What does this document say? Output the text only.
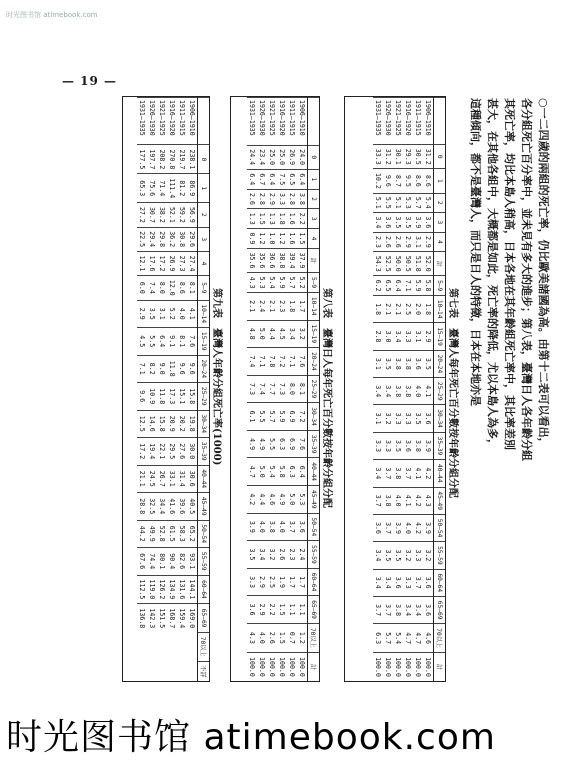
时光图书馆 atimebook.com
— 19 —
○一二四歲的兩組的死亡率，仍比歐美諸國為高。由第十二表可以看出，
各分組死亡百分率中，並未見有多大的進步；第八表，臺灣日人各年齡分組
其死亡率，均比本島人稍高，日本各地在其年齡組死亡率中，其比率差別
甚大，在其他各組中，大概都是如此，死亡率的降低，尤以本島人為多，
這種傾向，都不是臺灣人，而只是日人的特徵，日本在本地亦是
第七表　臺灣人每年死亡百分數按年齡分組分配
	0	1	2	3	4	計	5—9	10—14	15—19	20—24	25—29	30—34	35—39	40—44	45—49	50—54	55—59	60—64	65—69	70以上	計
1906—1910	31.2	8.6	5.4	3.6	2.9	52.0	5.8	1.8	2.9	3.5	4.1	3.6	3.9	4.2	4.3	3.9	3.2	3.6	3.6	4.6	100.0
1911—1915	30.5	8.6	5.7	3.9	3.1	51.8	5.9	2.0	3.1	3.6	4.0	3.5	3.8	4.1	4.2	4.2	3.3	3.7	3.4	4.7	100.0
1916—1920	29.3	9.5	5.3	3.5	2.9	50.5	7.1	2.5	3.3	3.8	3.8	3.3	3.6	3.7	4.1	4.0	3.2	3.3	3.4	4.7	100.0
1921—1925	30.1	8.7	5.1	3.5	2.6	50.0	6.4	2.1	3.4	3.8	3.8	3.3	3.5	3.8	4.0	3.9	3.5	3.6	3.8	5.4	100.0
1926—1930	31.2	9.6	5.5	3.6	2.6	52.5	6.5	2.1	3.0	3.5	3.4	3.2	3.3	3.7	3.8	3.7	3.5	3.4	3.7	5.7	100.0
1931—1935	33.3	10.2	5.1	3.4	2.3	54.3	6.2	1.8	2.8	3.1	3.4	3.1	3.3	3.4	3.7	3.6	3.4	3.4	3.7	6.3	100.0
第八表　臺灣日人每年死亡百分數按年齡分組分配
	0	1	2	3	4	計	5—9	10—14	15—19	20—24	25—29	30—34	35—39	40—44	45—49	50—54	55—59	60—64	65—69	70以上	計
1906—1910	24.0	6.4	3.8	2.2	1.5	37.9	5.2	1.7	3.2	7.6	8.1	7.2	7.6	6.4	5.3	3.6	2.4	1.7	1.1	1.2	100.0
1911—1915	26.9	6.5	2.8	1.6	1.6	39.4	5.7	1.8	3.4	7.1	8.0	6.9	6.9	6.3	5.0	3.7	2.3	1.7	1.1	0.7	100.0
1916—1920	25.0	7.5	3.3	1.8	1.2	38.8	5.9	2.3	4.5	7.2	7.3	5.9	6.3	5.8	4.9	4.0	2.6	1.9	1.5	1.5	100.0
1921—1925	25.0	6.4	2.9	1.3	1.0	36.6	5.4	2.1	4.4	7.8	7.7	5.7	5.5	5.4	4.6	3.8	3.2	2.5	2.2	2.6	100.0
1926—1930	23.4	6.7	2.8	1.5	1.2	35.6	5.3	2.4	5.0	7.1	7.4	5.5	4.9	5.0	4.4	4.0	3.4	2.9	2.9	4.0	100.0
1931—1935	24.4	6.4	2.6	1.3	0.9	35.6	4.3	2.1	4.8	7.4	7.3	6.1	4.9	4.7	4.2	3.9	3.5	3.3	3.6	4.3	100.0
第九表　臺灣人年齡分組死亡率(1000)
	0	1	2	3	4	5—9	10—14	15—19	20—24	25—29	30—34	35—39	40—44	45—49	50—54	55—59	60—64	65—69	70以上	不詳
1906—1910	238.1	86.9	56.9	29.6	27.4	8.1	4.1	7.6	9.6	15.8	19.8	30.0	30.6	40.5	65.2	93.1	144.1	169.0		
1911—1915	219.7	81.2	59.2	30.8	27.3	8.6	4.0	8.1	9.6	15.1	20.2	27.6	31.4	39.6	58.3	82.6	131.6	159.4		
1916—1920	270.8	111.4	52.1	36.2	26.9	12.0	5.2	9.1	11.8	17.3	20.9	29.5	33.1	41.6	61.5	90.4	134.9	168.7		
1921—1925	208.2	71.4	38.2	29.8	17.2	8.0	3.1	6.4	9.0	11.8	15.8	22.1	26.7	34.4	52.8	80.1	126.2	151.5		
1926—1930	197.7	75.6	30.7	29.4	17.6	7.4	3.5	5.5	8.2	10.9	14.6	19.4	24.5	32.5	49.9	74.4	119.0	142.3		
1931—1935	177.5	65.3	27.2	22.5	12.1	6.0	2.9	4.5	7.1	9.6	12.5	17.2	21.1	28.8	44.2	67.6	112.5	136.8		
时光图书馆 atimebook.com
